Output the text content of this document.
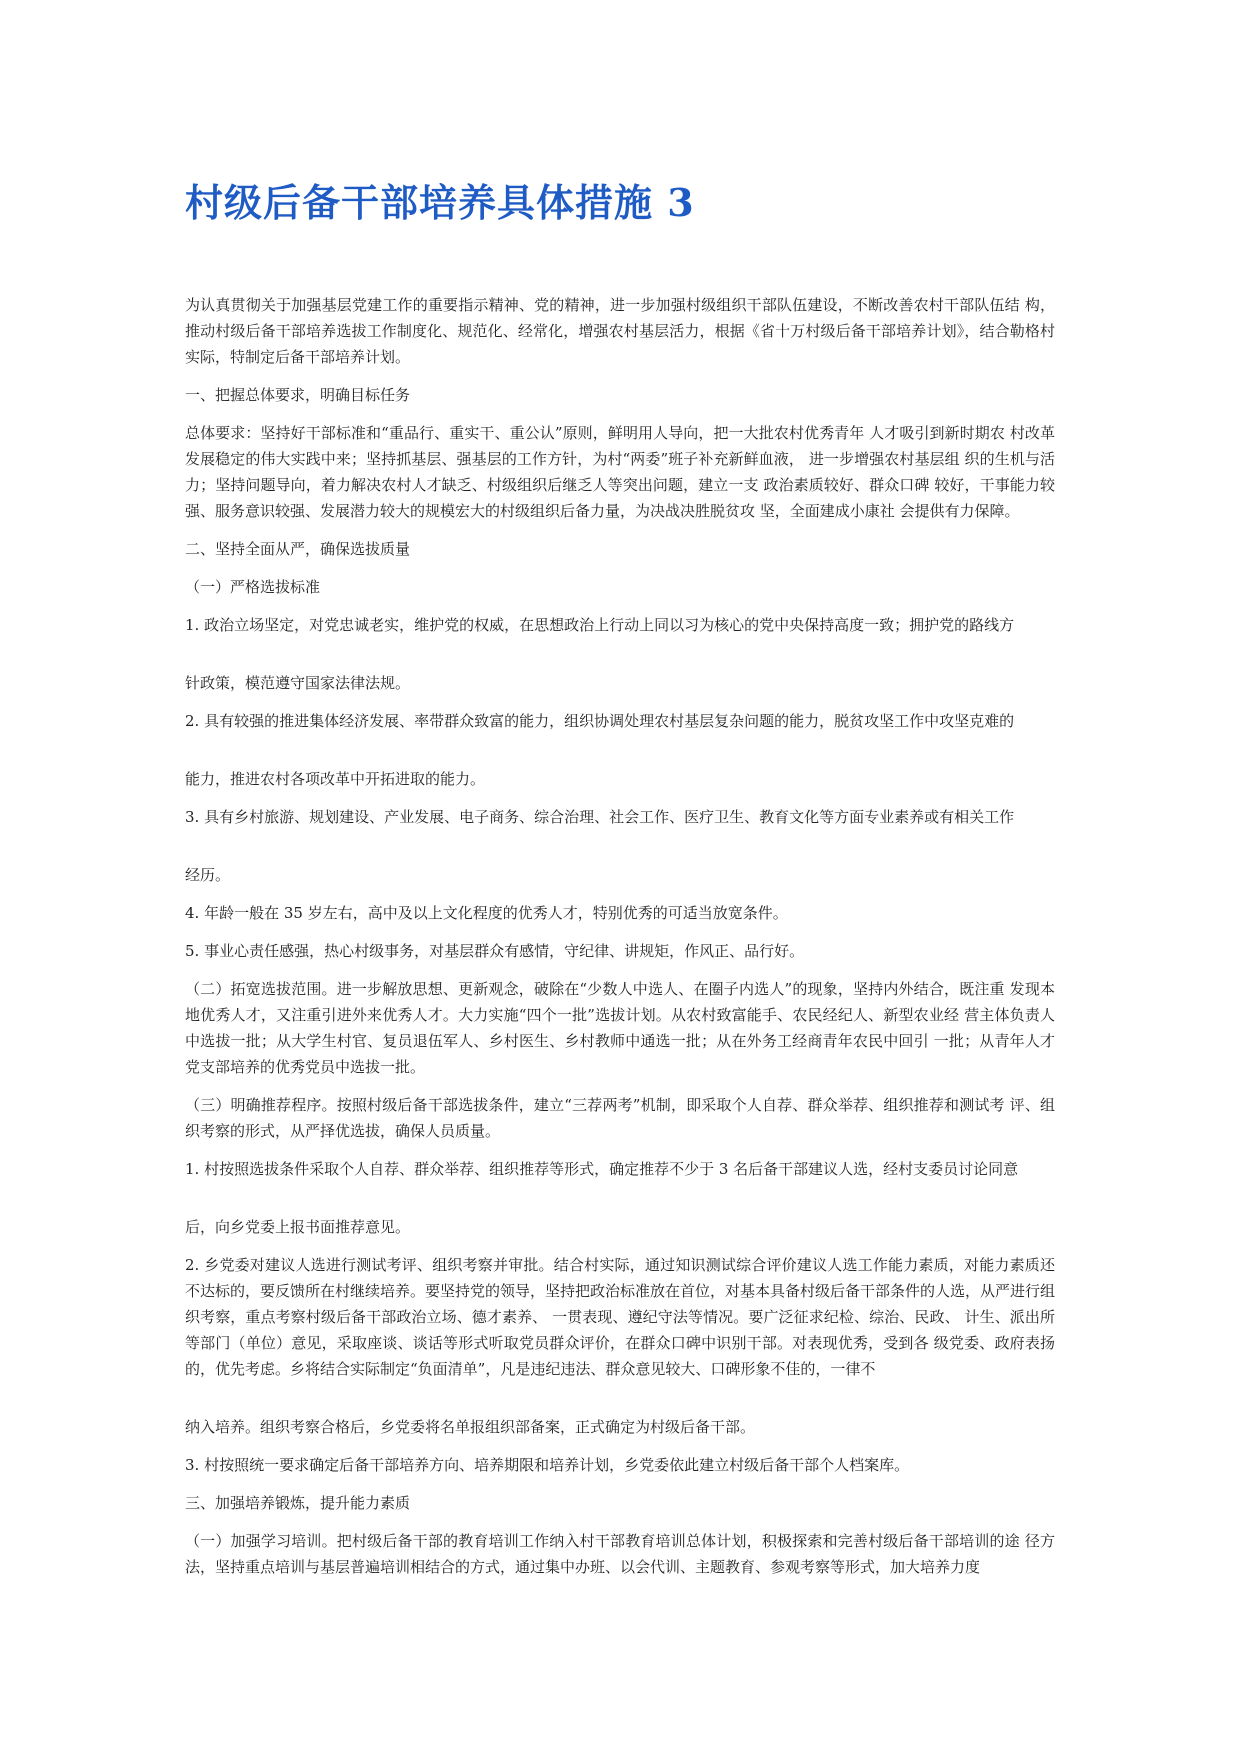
村级后备干部培养具体措施 3

为认真贯彻关于加强基层党建工作的重要指示精神、党的精神，进一步加强村级组织干部队伍建设，不断改善农村干部队伍结 构，推动村级后备干部培养选拔工作制度化、规范化、经常化，增强农村基层活力，根据《省十万村级后备干部培养计划》，结合勒格村实际，特制定后备干部培养计划。

一、把握总体要求，明确目标任务

总体要求：坚持好干部标准和“重品行、重实干、重公认”原则，鲜明用人导向，把一大批农村优秀青年 人才吸引到新时期农 村改革发展稳定的伟大实践中来；坚持抓基层、强基层的工作方针，为村“两委”班子补充新鲜血液， 进一步增强农村基层组 织的生机与活力；坚持问题导向，着力解决农村人才缺乏、村级组织后继乏人等突出问题，建立一支 政治素质较好、群众口碑 较好，干事能力较强、服务意识较强、发展潜力较大的规模宏大的村级组织后备力量，为决战决胜脱贫攻 坚，全面建成小康社 会提供有力保障。

二、坚持全面从严，确保选拔质量

（一）严格选拔标准

1. 政治立场坚定，对党忠诚老实，维护党的权威，在思想政治上行动上同以习为核心的党中央保持高度一致；拥护党的路线方

针政策，模范遵守国家法律法规。

2. 具有较强的推进集体经济发展、率带群众致富的能力，组织协调处理农村基层复杂问题的能力，脱贫攻坚工作中攻坚克难的

能力，推进农村各项改革中开拓进取的能力。

3. 具有乡村旅游、规划建设、产业发展、电子商务、综合治理、社会工作、医疗卫生、教育文化等方面专业素养或有相关工作

经历。

4. 年龄一般在 35 岁左右，高中及以上文化程度的优秀人才，特别优秀的可适当放宽条件。

5. 事业心责任感强，热心村级事务，对基层群众有感情，守纪律、讲规矩，作风正、品行好。

（二）拓宽选拔范围。进一步解放思想、更新观念，破除在“少数人中选人、在圈子内选人”的现象，坚持内外结合，既注重 发现本地优秀人才，又注重引进外来优秀人才。大力实施“四个一批”选拔计划。从农村致富能手、农民经纪人、新型农业经 营主体负责人中选拔一批；从大学生村官、复员退伍军人、乡村医生、乡村教师中通选一批；从在外务工经商青年农民中回引 一批；从青年人才党支部培养的优秀党员中选拔一批。

（三）明确推荐程序。按照村级后备干部选拔条件，建立“三荐两考”机制，即采取个人自荐、群众举荐、组织推荐和测试考 评、组织考察的形式，从严择优选拔，确保人员质量。

1. 村按照选拔条件采取个人自荐、群众举荐、组织推荐等形式，确定推荐不少于 3 名后备干部建议人选，经村支委员讨论同意

后，向乡党委上报书面推荐意见。

2. 乡党委对建议人选进行测试考评、组织考察并审批。结合村实际，通过知识测试综合评价建议人选工作能力素质，对能力素质还不达标的，要反馈所在村继续培养。要坚持党的领导，坚持把政治标准放在首位，对基本具备村级后备干部条件的人选，从严进行组织考察，重点考察村级后备干部政治立场、德才素养、 一贯表现、遵纪守法等情况。要广泛征求纪检、综治、民政、 计生、派出所等部门（单位）意见，采取座谈、谈话等形式听取党员群众评价，在群众口碑中识别干部。对表现优秀，受到各 级党委、政府表扬的，优先考虑。乡将结合实际制定“负面清单”，凡是违纪违法、群众意见较大、口碑形象不佳的，一律不

纳入培养。组织考察合格后，乡党委将名单报组织部备案，正式确定为村级后备干部。

3. 村按照统一要求确定后备干部培养方向、培养期限和培养计划，乡党委依此建立村级后备干部个人档案库。

三、加强培养锻炼，提升能力素质

（一）加强学习培训。把村级后备干部的教育培训工作纳入村干部教育培训总体计划，积极探索和完善村级后备干部培训的途 径方法，坚持重点培训与基层普遍培训相结合的方式，通过集中办班、以会代训、主题教育、参观考察等形式，加大培养力度
